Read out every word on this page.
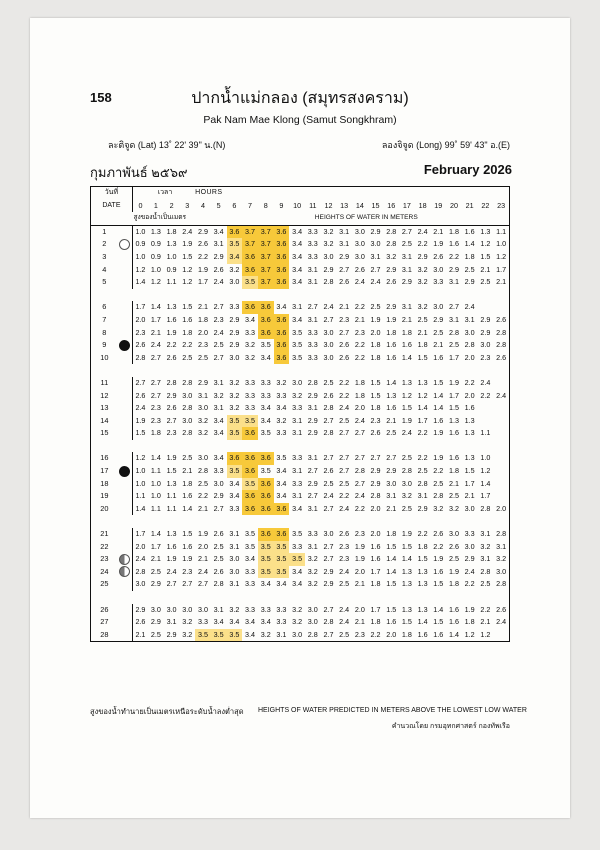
158	ปากน้ำแม่กลอง (สมุทรสงคราม)
Pak Nam Mae Klong (Samut Songkhram)
ละติจูด (Lat) 13˚ 22' 39" น.(N)	ลองจิจูด (Long) 99˚ 59' 43" อ.(E)
กุมภาพันธ์ ๒๕๖๙	February 2026
วันที่		เวลา				HOURS																			
DATE		0	1	2	3	4	5	6	7	8	9	10	11	12	13	14	15	16	17	18	19	20	21	22	23
สูงของน้ำเป็นเมตร								HEIGHTS OF WATER IN METERS																	
1		1.0	1.3	1.8	2.4	2.9	3.4	3.6	3.7	3.7	3.6	3.4	3.3	3.2	3.1	3.0	2.9	2.8	2.7	2.4	2.1	1.8	1.6	1.3	1.1
2		0.9	0.9	1.3	1.9	2.6	3.1	3.5	3.7	3.7	3.6	3.4	3.3	3.2	3.1	3.0	3.0	2.8	2.5	2.2	1.9	1.6	1.4	1.2	1.0
3		1.0	0.9	1.0	1.5	2.2	2.9	3.4	3.6	3.7	3.6	3.4	3.3	3.0	2.9	3.0	3.1	3.2	3.1	2.9	2.6	2.2	1.8	1.5	1.2
4		1.2	1.0	0.9	1.2	1.9	2.6	3.2	3.6	3.7	3.6	3.4	3.1	2.9	2.7	2.6	2.7	2.9	3.1	3.2	3.0	2.9	2.5	2.1	1.7
5		1.4	1.2	1.1	1.2	1.7	2.4	3.0	3.5	3.7	3.6	3.4	3.1	2.8	2.6	2.4	2.4	2.6	2.9	3.2	3.3	3.1	2.9	2.5	2.1

6		1.7	1.4	1.3	1.5	2.1	2.7	3.3	3.6	3.6	3.4	3.1	2.7	2.4	2.1	2.2	2.5	2.9	3.1	3.2	3.0	2.7	2.4		
7		2.0	1.7	1.6	1.6	1.8	2.3	2.9	3.4	3.6	3.6	3.4	3.1	2.7	2.3	2.1	1.9	1.9	2.1	2.5	2.9	3.1	3.1	2.9	2.6
8		2.3	2.1	1.9	1.8	2.0	2.4	2.9	3.3	3.6	3.6	3.5	3.3	3.0	2.7	2.3	2.0	1.8	1.8	2.1	2.5	2.8	3.0	2.9	2.8
9		2.6	2.4	2.2	2.2	2.3	2.5	2.9	3.2	3.5	3.6	3.5	3.3	3.0	2.6	2.2	1.8	1.6	1.6	1.8	2.1	2.5	2.8	3.0	2.8
10		2.8	2.7	2.6	2.5	2.5	2.7	3.0	3.2	3.4	3.6	3.5	3.3	3.0	2.6	2.2	1.8	1.6	1.4	1.5	1.6	1.7	2.0	2.3	2.6

11		2.7	2.7	2.8	2.8	2.9	3.1	3.2	3.3	3.3	3.2	3.0	2.8	2.5	2.2	1.8	1.5	1.4	1.3	1.3	1.5	1.9	2.2	2.4	
12		2.6	2.7	2.9	3.0	3.1	3.2	3.2	3.3	3.3	3.3	3.2	2.9	2.6	2.2	1.8	1.5	1.3	1.2	1.2	1.4	1.7	2.0	2.2	2.4
13		2.4	2.3	2.6	2.8	3.0	3.1	3.2	3.3	3.4	3.4	3.3	3.1	2.8	2.4	2.0	1.8	1.6	1.5	1.4	1.4	1.5	1.6		
14		1.9	2.3	2.7	3.0	3.2	3.4	3.5	3.5	3.4	3.2	3.1	2.9	2.7	2.5	2.4	2.3	2.1	1.9	1.7	1.6	1.3	1.3		
15		1.5	1.8	2.3	2.8	3.2	3.4	3.5	3.6	3.5	3.3	3.1	2.9	2.8	2.7	2.7	2.6	2.5	2.4	2.2	1.9	1.6	1.3	1.1	

16		1.2	1.4	1.9	2.5	3.0	3.4	3.6	3.6	3.6	3.5	3.3	3.1	2.7	2.7	2.7	2.7	2.7	2.5	2.2	1.9	1.6	1.3	1.0	
17		1.0	1.1	1.5	2.1	2.8	3.3	3.5	3.6	3.5	3.4	3.1	2.7	2.6	2.7	2.8	2.9	2.9	2.8	2.5	2.2	1.8	1.5	1.2	
18		1.0	1.0	1.3	1.8	2.5	3.0	3.4	3.5	3.6	3.4	3.3	2.9	2.5	2.5	2.7	2.9	3.0	3.0	2.8	2.5	2.1	1.7	1.4	
19		1.1	1.0	1.1	1.6	2.2	2.9	3.4	3.6	3.6	3.4	3.1	2.7	2.4	2.2	2.4	2.8	3.1	3.2	3.1	2.8	2.5	2.1	1.7	
20		1.4	1.1	1.1	1.4	2.1	2.7	3.3	3.6	3.6	3.6	3.4	3.1	2.7	2.4	2.2	2.0	2.1	2.5	2.9	3.2	3.2	3.0	2.8	2.0

21		1.7	1.4	1.3	1.5	1.9	2.6	3.1	3.5	3.6	3.6	3.5	3.3	3.0	2.6	2.3	2.0	1.8	1.9	2.2	2.6	3.0	3.3	3.1	2.8
22		2.0	1.7	1.6	1.6	2.0	2.5	3.1	3.5	3.5	3.5	3.3	3.1	2.7	2.3	1.9	1.6	1.5	1.5	1.8	2.2	2.6	3.0	3.2	3.1
23		2.4	2.1	1.9	1.9	2.1	2.5	3.0	3.4	3.5	3.5	3.5	3.2	2.7	2.3	1.9	1.6	1.4	1.4	1.5	1.9	2.5	2.9	3.1	3.2
24		2.8	2.5	2.4	2.3	2.4	2.6	3.0	3.3	3.5	3.5	3.4	3.2	2.9	2.4	2.0	1.7	1.4	1.3	1.3	1.6	1.9	2.4	2.8	3.0
25		3.0	2.9	2.7	2.7	2.7	2.8	3.1	3.3	3.4	3.4	3.4	3.2	2.9	2.5	2.1	1.8	1.5	1.3	1.3	1.5	1.8	2.2	2.5	2.8

26		2.9	3.0	3.0	3.0	3.0	3.1	3.2	3.3	3.3	3.3	3.2	3.0	2.7	2.4	2.0	1.7	1.5	1.3	1.3	1.4	1.6	1.9	2.2	2.6
27		2.6	2.9	3.1	3.2	3.3	3.4	3.4	3.4	3.4	3.3	3.2	3.0	2.8	2.4	2.1	1.8	1.6	1.5	1.4	1.5	1.6	1.8	2.1	2.4
28		2.1	2.5	2.9	3.2	3.5	3.5	3.5	3.4	3.2	3.1	3.0	2.8	2.7	2.5	2.3	2.2	2.0	1.8	1.6	1.6	1.4	1.2	1.2	
สูงของน้ำทำนายเป็นเมตรเหนือระดับน้ำลงต่ำสุด HEIGHTS OF WATER PREDICTED IN METERS ABOVE THE LOWEST LOW WATER
คำนวณโดย กรมอุทกศาสตร์ กองทัพเรือ
